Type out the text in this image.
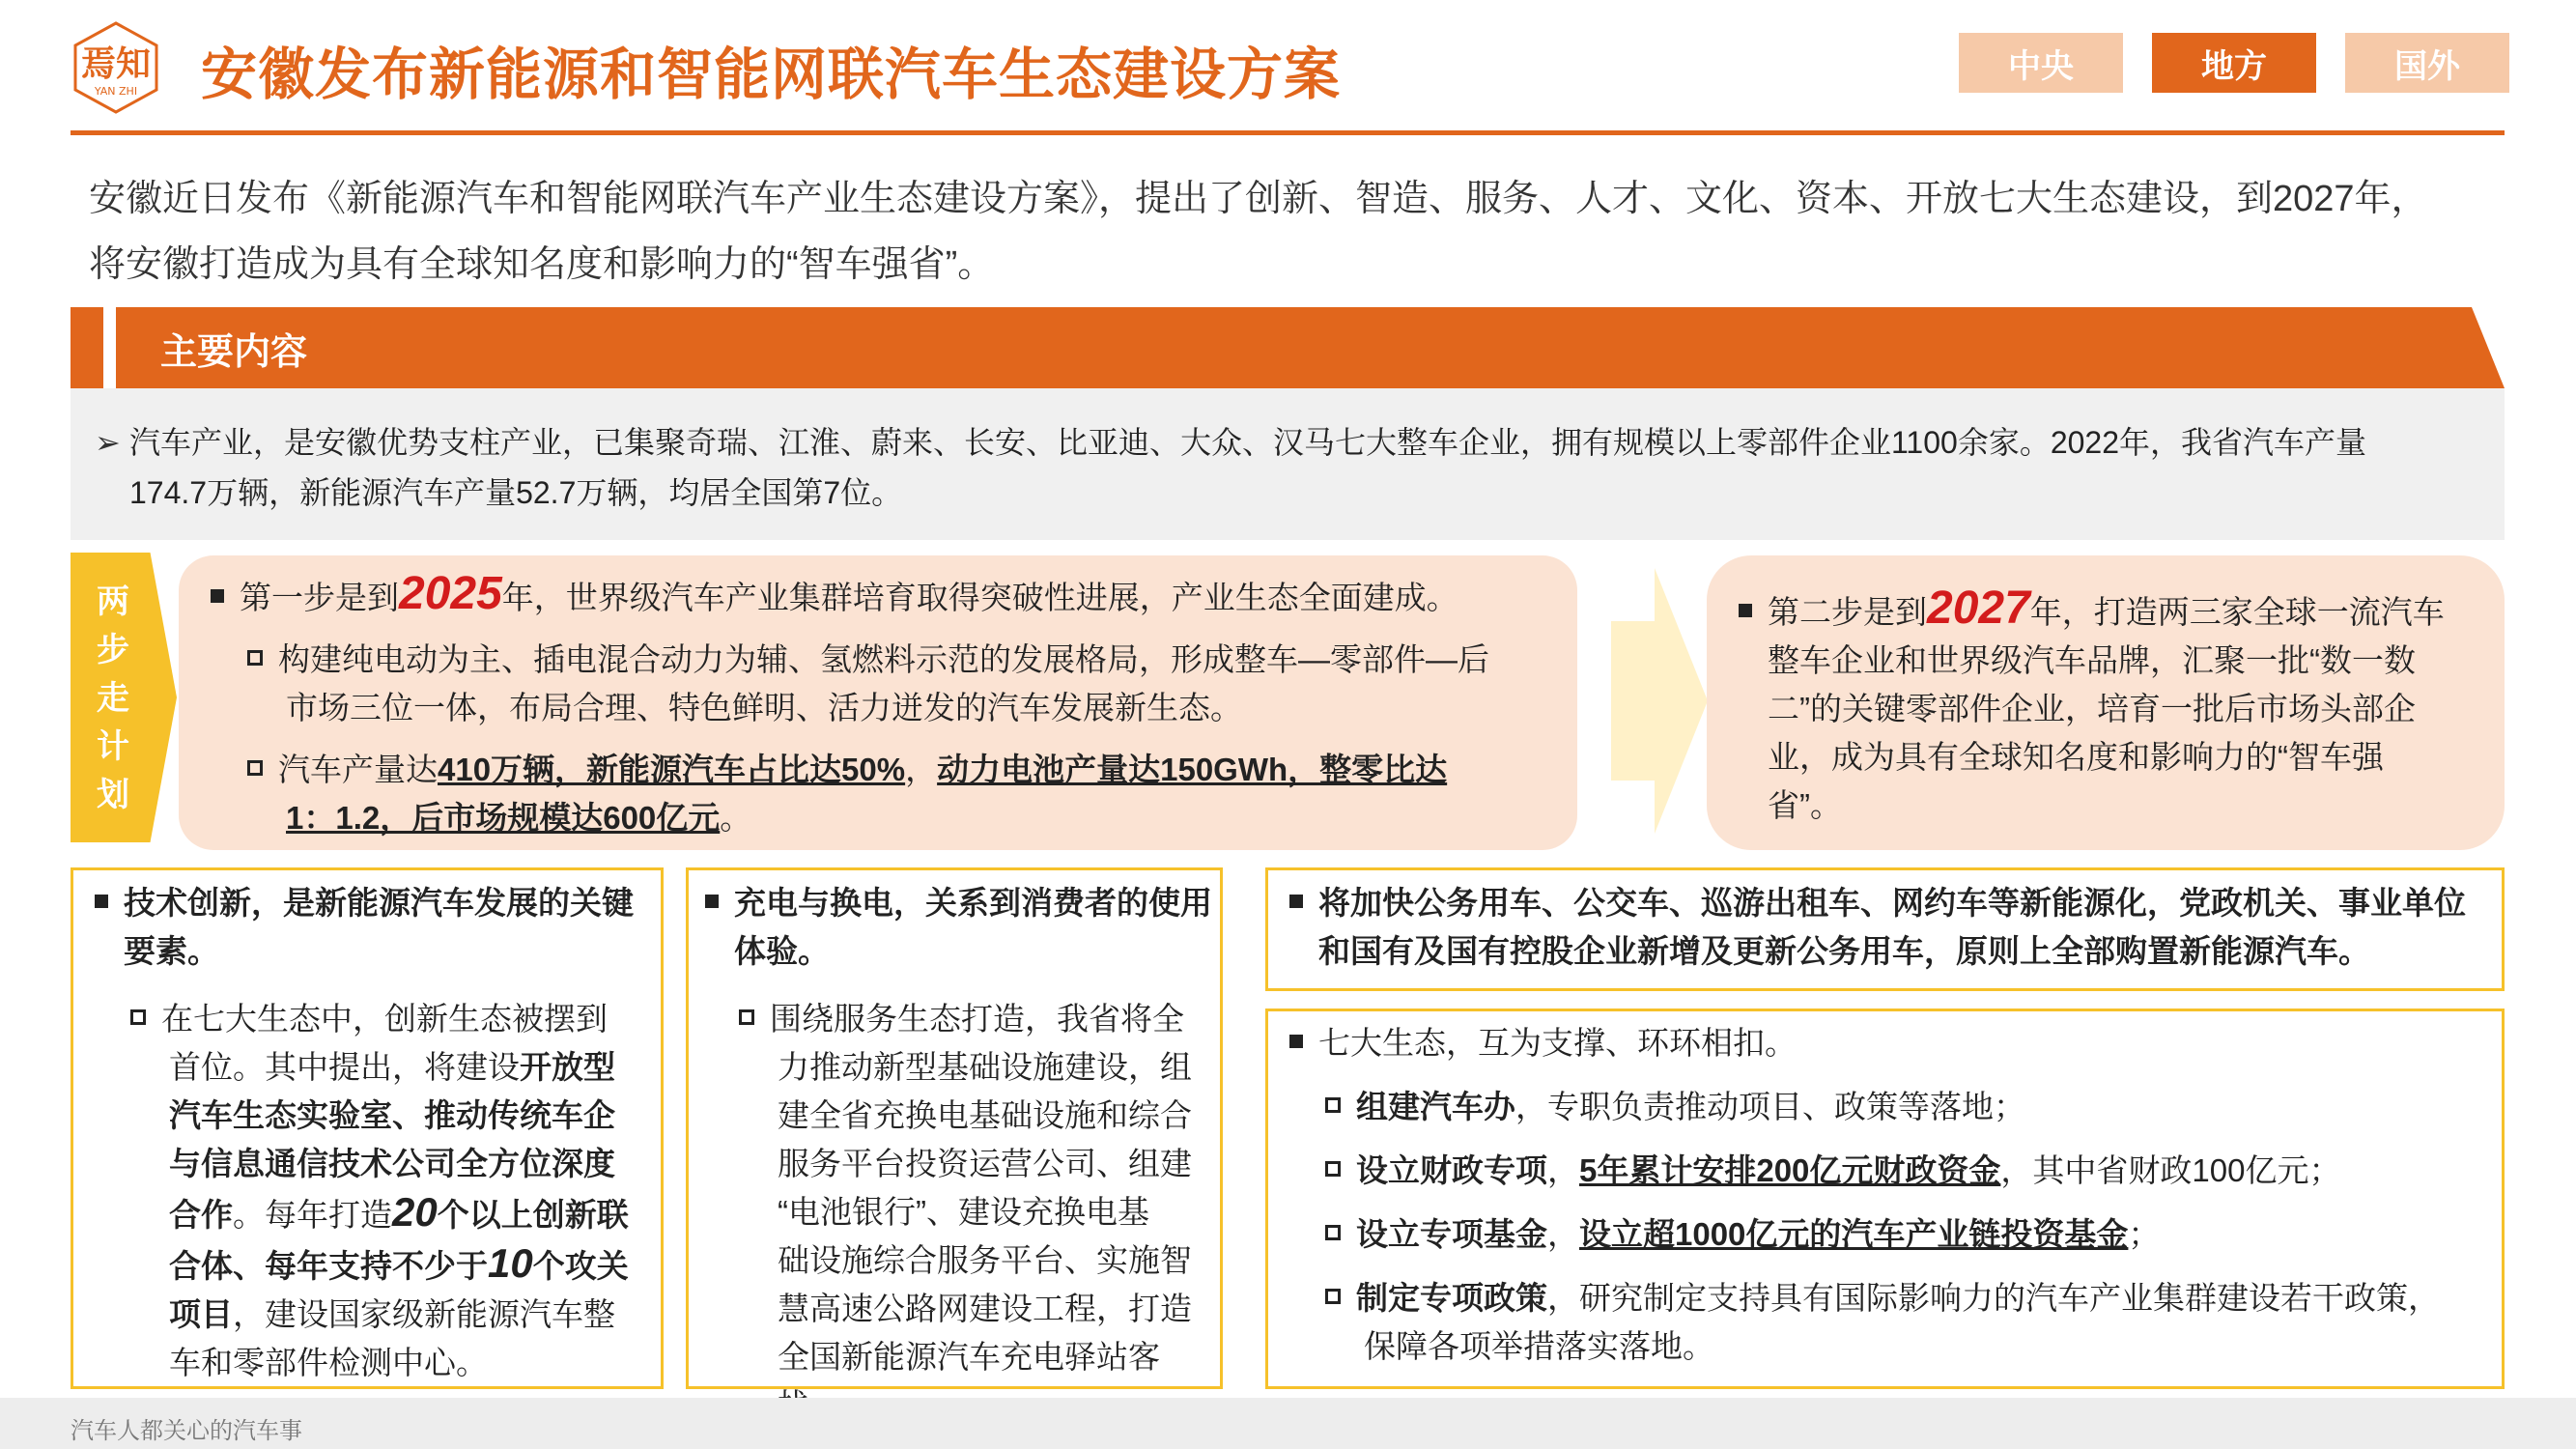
焉知
YAN ZHI 安徽发布新能源和智能网联汽车生态建设方案	中央	地方	国外
安徽近日发布《新能源汽车和智能网联汽车产业生态建设方案》，提出了创新、智造、服务、人才、文化、资本、开放七大生态建设，到2027年，
将安徽打造成为具有全球知名度和影响力的“智车强省”。
主要内容
➢ 汽车产业，是安徽优势支柱产业，已集聚奇瑞、江淮、蔚来、长安、比亚迪、大众、汉马七大整车企业，拥有规模以上零部件企业1100余家。2022年，我省汽车产量
174.7万辆，新能源汽车产量52.7万辆，均居全国第7位。
两
步
走
计
划
第一步是到2025年，世界级汽车产业集群培育取得突破性进展，产业生态全面建成。
构建纯电动为主、插电混合动力为辅、氢燃料示范的发展格局，形成整车—零部件—后
市场三位一体，布局合理、特色鲜明、活力迸发的汽车发展新生态。
汽车产量达410万辆，新能源汽车占比达50%，动力电池产量达150GWh，整零比达
1：1.2，后市场规模达600亿元。
第二步是到2027年，打造两三家全球一流汽车
整车企业和世界级汽车品牌，汇聚一批“数一数
二”的关键零部件企业，培育一批后市场头部企
业，成为具有全球知名度和影响力的“智车强
省”。
技术创新，是新能源汽车发展的关键
要素。
在七大生态中，创新生态被摆到
首位。其中提出，将建设开放型
汽车生态实验室、推动传统车企
与信息通信技术公司全方位深度
合作。每年打造20个以上创新联
合体、每年支持不少于10个攻关
项目，建设国家级新能源汽车整
车和零部件检测中心。
充电与换电，关系到消费者的使用
体验。
围绕服务生态打造，我省将全
力推动新型基础设施建设，组
建全省充换电基础设施和综合
服务平台投资运营公司、组建
“电池银行”、建设充换电基
础设施综合服务平台、实施智
慧高速公路网建设工程，打造
全国新能源汽车充电驿站客
将加快公务用车、公交车、巡游出租车、网约车等新能源化，党政机关、事业单位
和国有及国有控股企业新增及更新公务用车，原则上全部购置新能源汽车。
七大生态，互为支撑、环环相扣。
组建汽车办，专职负责推动项目、政策等落地；
设立财政专项，5年累计安排200亿元财政资金，其中省财政100亿元；
设立专项基金，设立超1000亿元的汽车产业链投资基金；
制定专项政策，研究制定支持具有国际影响力的汽车产业集群建设若干政策，
保障各项举措落实落地。
汽车人都关心的汽车事
